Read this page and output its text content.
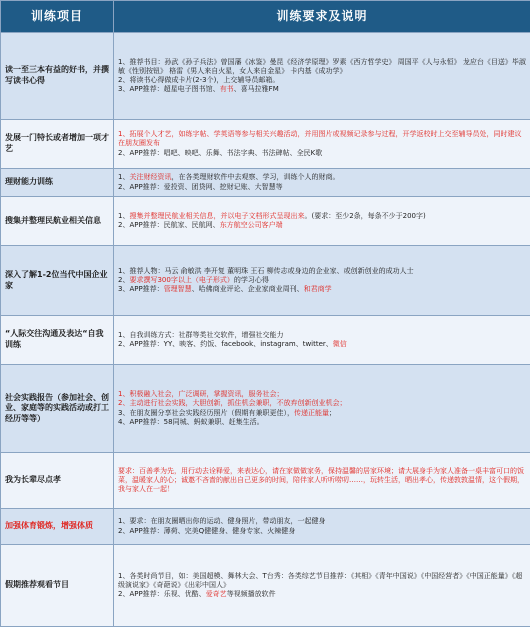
训练项目	训练要求及说明
读一至三本有益的好书，并撰写读书心得	1、推荐书目：孙武《孙子兵法》曾国藩《冰鉴》曼昆《经济学原理》罗素《西方哲学史》 周国平《人与永恒》 龙应台《目送》毕淑敏《性别按钮》 格雷《男人来自火星，女人来自金星》 卡内基《成功学》
2、将读书心得做成卡片(2-3个)，上交辅导员邮箱。
3、APP推荐：超星电子图书馆、有书、喜马拉雅FM

发展一门特长或者增加一项才艺	1、拓展个人才艺，如练字帖、学英语等参与相关兴趣活动，并用图片或视频记录参与过程，开学返校时上交至辅导员处，同时建议在朋友圈发布
2、APP推荐：唱吧、映吧、乐舞、书法字典、书法碑帖、全民K歌

理财能力训练	1、关注财经资讯，在各类理财软件中去观察、学习，训练个人的财商。
2、APP推荐：爱投资、团贷网、挖财记账、大智慧等

搜集并整理民航业相关信息	1、搜集并整理民航业相关信息，并以电子文档形式呈现出来。(要求：至少2条，每条不少于200字)
2、APP推荐：民航家、民航网、东方航空公司客户端

深入了解1-2位当代中国企业家	1、推荐人物：马云 俞敏洪 李开复 董明珠 王石 柳传志或身边的企业家、或创新创业的成功人士
2、要求撰写300字以上（电子形式）的学习心得
3、APP推荐：管理智慧、哈佛商业评论、企业家商业周刊、和君商学

“人际交往沟通及表达“自我训练	1、自我训练方式：社群等类社交软件，增强社交能力
2、APP推荐：YY、映客、约饭、facebook、instagram、twitter、微信

社会实践报告（参加社会、创业、家庭等的实践活动或打工经历等等）	1、积极融入社会，广泛调研，掌握资讯，服务社会；
2、主动进行社会实践，大胆创新，抓住机会兼职，不放弃创新创业机会；
3、在朋友圈分享社会实践经历照片（假期有兼职更佳），传递正能量；
4、APP推荐：58同城、蚂蚁兼职、赶集生活。

我为长辈尽点孝	要求：百善孝为先，用行动去诠释爱，来表达心，请在家做做家务，保持温馨的居家环境；请大展身手为家人准备一桌丰富可口的饭菜，温暖家人的心；诚邀不吝啬的献出自己更多的时间，陪伴家人听听唠叨……，玩转生活，晒出孝心，传递敦敦温情，这个假期，我与家人在一起！

加强体育锻炼，增强体质	1、要求：在朋友圈晒出你的运动、健身照片，带动朋友，一起健身
2、APP推荐：薄荷、完美Q健健身、健身专家、火辣健身

假期推荐观看节目	1、各类时尚节目，如：美国超模、舞林大会、T台秀：各类综艺节目推荐：《其相》《青年中国说》《中国经营者》《中国正能量》《超级演说家》《奇葩说》《出彩中国人》
2、APP推荐：乐视、优酷、爱奇艺等视频播放软件
